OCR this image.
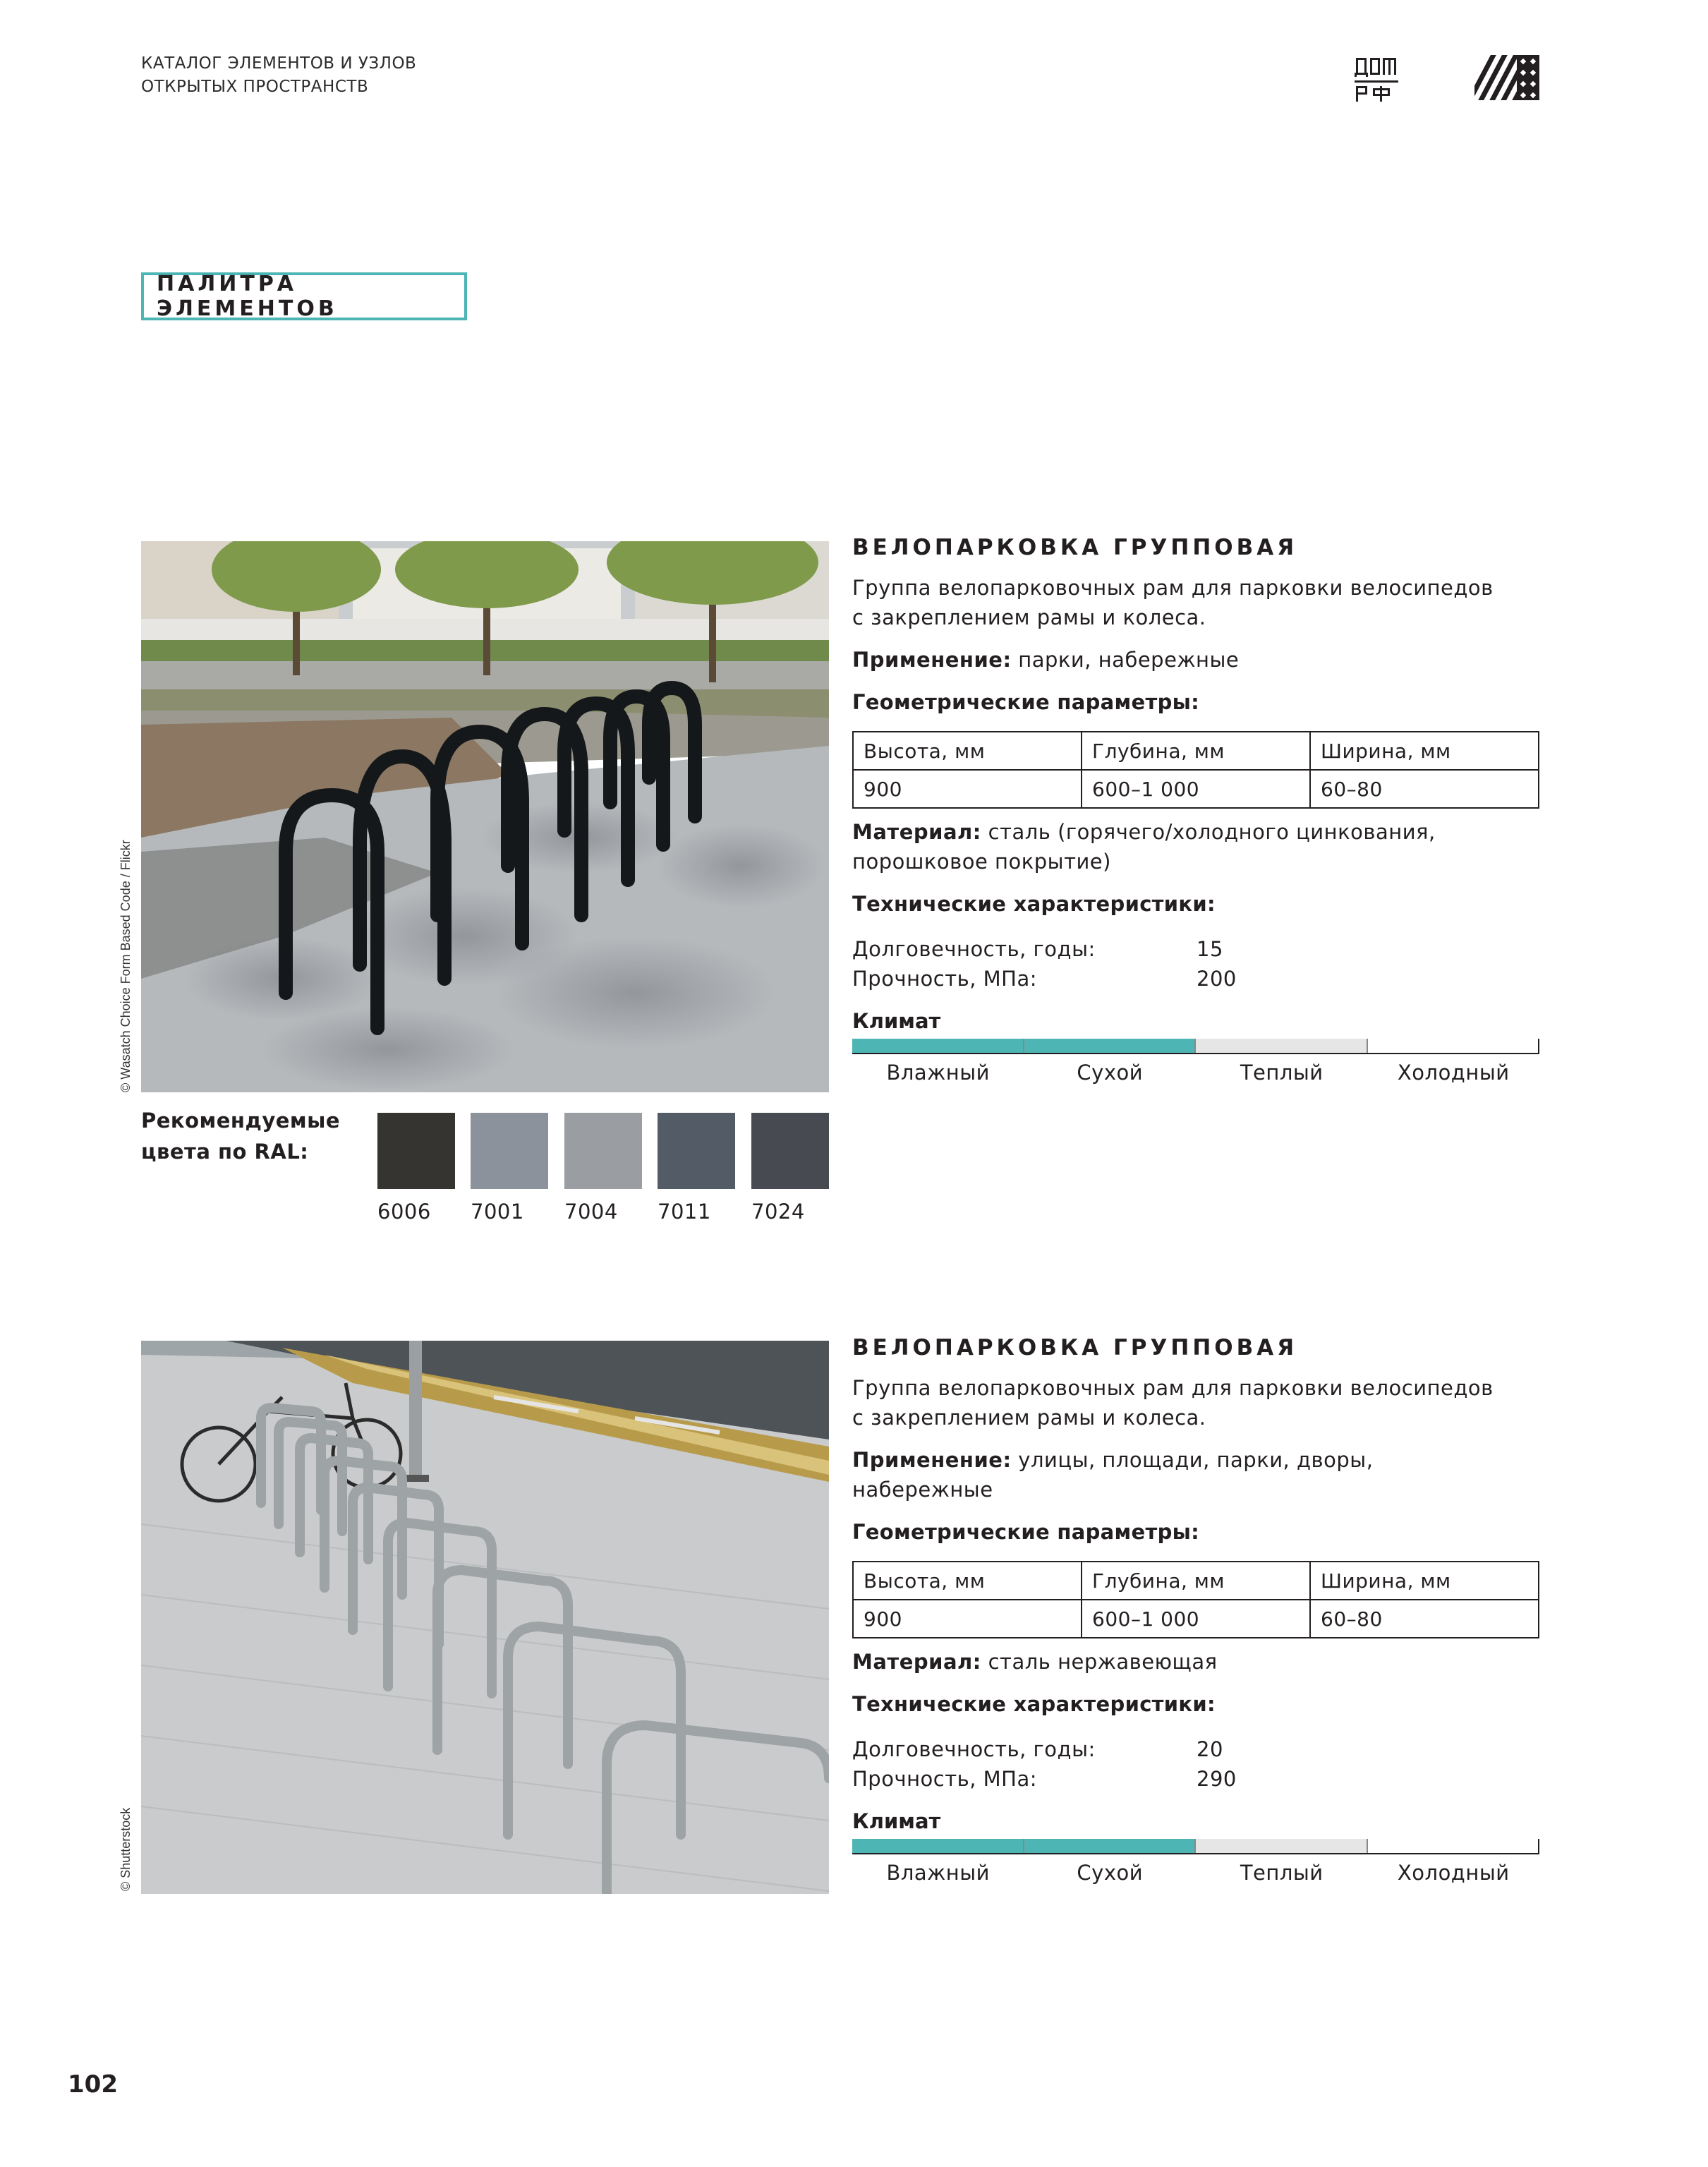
КАТАЛОГ ЭЛЕМЕНТОВ И УЗЛОВ
ОТКРЫТЫХ ПРОСТРАНСТВ
ПАЛИТРА ЭЛЕМЕНТОВ
© Wasatch Choice Form Based Code / Flickr
ВЕЛОПАРКОВКА ГРУППОВАЯ
Группа велопарковочных рам для парковки велосипедов
с закреплением рамы и колеса.
Применение: парки, набережные
Геометрические параметры:
Высота, мм	Глубина, мм	Ширина, мм
900	600–1 000	60–80
Материал: сталь (горячего/холодного цинкования,
порошковое покрытие)
Технические характеристики:
Долговечность, годы:	15
Прочность, МПа:	200
Климат
Влажный	Сухой	Теплый	Холодный
Рекомендуемые
цвета по RAL:
6006 7001 7004 7011 7024
© Shutterstock
ВЕЛОПАРКОВКА ГРУППОВАЯ
Группа велопарковочных рам для парковки велосипедов
с закреплением рамы и колеса.
Применение: улицы, площади, парки, дворы,
набережные
Геометрические параметры:
Высота, мм	Глубина, мм	Ширина, мм
900	600–1 000	60–80
Материал: сталь нержавеющая
Технические характеристики:
Долговечность, годы:	20
Прочность, МПа:	290
Климат
Влажный	Сухой	Теплый	Холодный
102
